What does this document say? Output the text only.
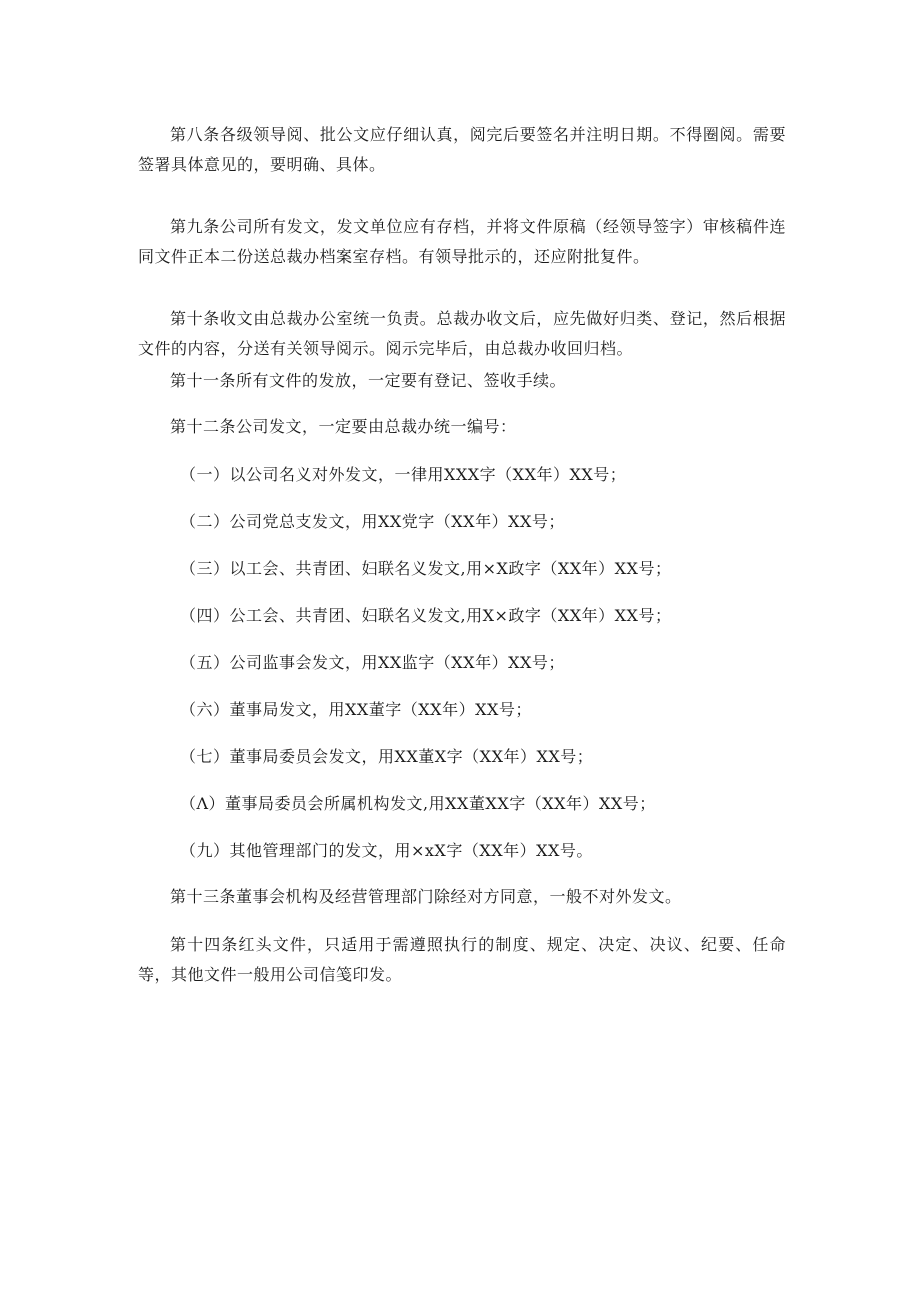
第八条各级领导阅、批公文应仔细认真，阅完后要签名并注明日期。不得圈阅。需要签署具体意见的，要明确、具体。

第九条公司所有发文，发文单位应有存档，并将文件原稿（经领导签字）审核稿件连同文件正本二份送总裁办档案室存档。有领导批示的，还应附批复件。

第十条收文由总裁办公室统一负责。总裁办收文后，应先做好归类、登记，然后根据文件的内容，分送有关领导阅示。阅示完毕后，由总裁办收回归档。

第十一条所有文件的发放，一定要有登记、签收手续。

第十二条公司发文，一定要由总裁办统一编号：

（一）以公司名义对外发文，一律用XXX字（XX年）XX号；

（二）公司党总支发文，用XX党字（XX年）XX号；

（三）以工会、共青团、妇联名义发文,用×X政字（XX年）XX号；

（四）公工会、共青团、妇联名义发文,用X×政字（XX年）XX号；

（五）公司监事会发文，用XX监字（XX年）XX号；

（六）董事局发文，用XX董字（XX年）XX号；

（七）董事局委员会发文，用XX董X字（XX年）XX号；

（Λ）董事局委员会所属机构发文,用XX董XX字（XX年）XX号；

（九）其他管理部门的发文，用×xX字（XX年）XX号。

第十三条董事会机构及经营管理部门除经对方同意，一般不对外发文。

第十四条红头文件，只适用于需遵照执行的制度、规定、决定、决议、纪要、任命等，其他文件一般用公司信笺印发。
